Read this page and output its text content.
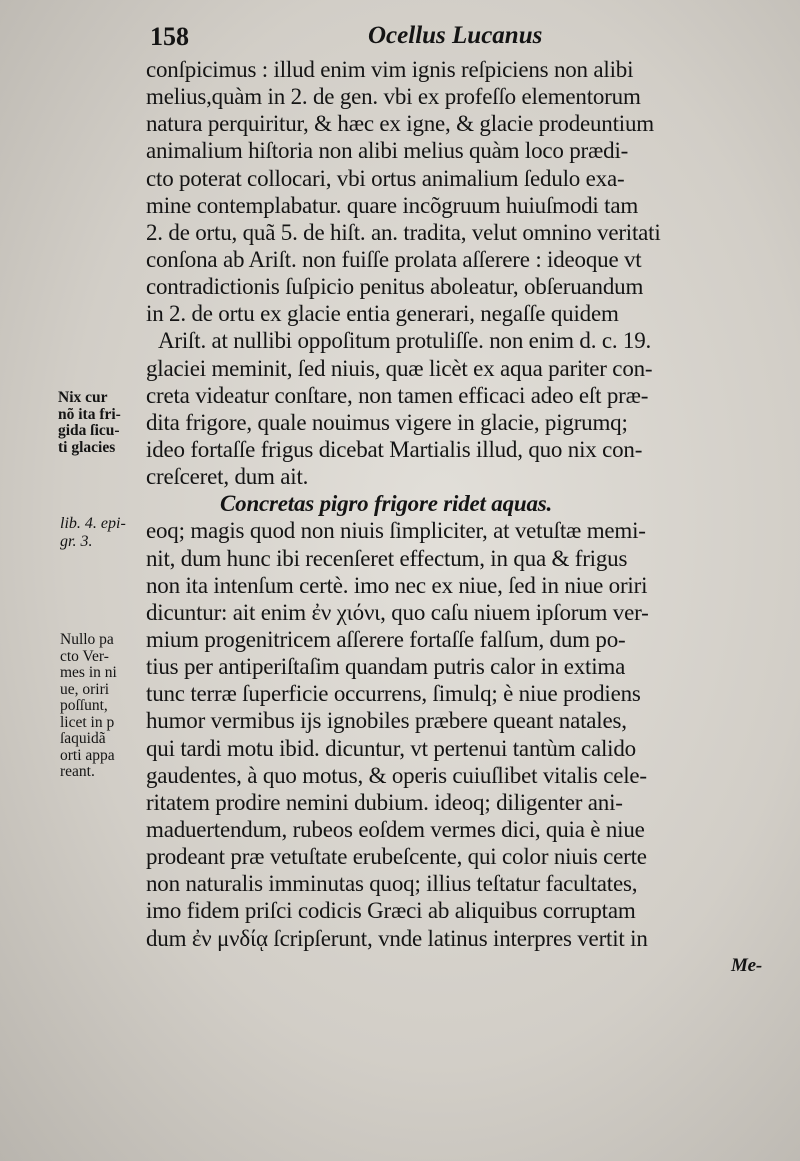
158	Ocellus Lucanus
conſpicimus : illud enim vim ignis reſpiciens non alibi
melius,quàm in 2. de gen. vbi ex profeſſo elementorum
natura perquiritur, & hæc ex igne, & glacie prodeuntium
animalium hiſtoria non alibi melius quàm loco prædi-
cto poterat collocari, vbi ortus animalium ſedulo exa-
mine contemplabatur. quare incõgruum huiuſmodi tam
2. de ortu, quã 5. de hiſt. an. tradita, velut omnino veritati
conſona ab Ariſt. non fuiſſe prolata aſſerere : ideoque vt
contradictionis ſuſpicio penitus aboleatur, obſeruandum
in 2. de ortu ex glacie entia generari, negaſſe quidem
Ariſt. at nullibi oppoſitum protuliſſe. non enim d. c. 19.
glaciei meminit, ſed niuis, quæ licèt ex aqua pariter con-
creta videatur conſtare, non tamen efficaci adeo eſt præ-
dita frigore, quale nouimus vigere in glacie, pigrumq;
ideo fortaſſe frigus dicebat Martialis illud, quo nix con-
creſceret, dum ait.
Concretas pigro frigore ridet aquas.
eoq; magis quod non niuis ſimpliciter, at vetuſtæ memi-
nit, dum hunc ibi recenſeret effectum, in qua & frigus
non ita intenſum certè. imo nec ex niue, ſed in niue oriri
dicuntur: ait enim ἐν χιόνι, quo caſu niuem ipſorum ver-
mium progenitricem aſſerere fortaſſe falſum, dum po-
tius per antiperiſtaſim quandam putris calor in extima
tunc terræ ſuperficie occurrens, ſimulq; è niue prodiens
humor vermibus ijs ignobiles præbere queant natales,
qui tardi motu ibid. dicuntur, vt pertenui tantùm calido
gaudentes, à quo motus, & operis cuiuſlibet vitalis cele-
ritatem prodire nemini dubium. ideoq; diligenter ani-
maduertendum, rubeos eoſdem vermes dici, quia è niue
prodeant præ vetuſtate erubeſcente, qui color niuis certe
non naturalis imminutas quoq; illius teſtatur facultates,
imo fidem priſci codicis Græci ab aliquibus corruptam
dum ἐν μνδίᾳ ſcripſerunt, vnde latinus interpres vertit in
Me-
Nix cur
nõ ita fri-
gida ſicu-
ti glacies
lib. 4. epi-
gr. 3.
Nullo pa
cto Ver-
mes in ni
ue, oriri
poſſunt,
licet in p
ſaquidã
orti appa
reant.
